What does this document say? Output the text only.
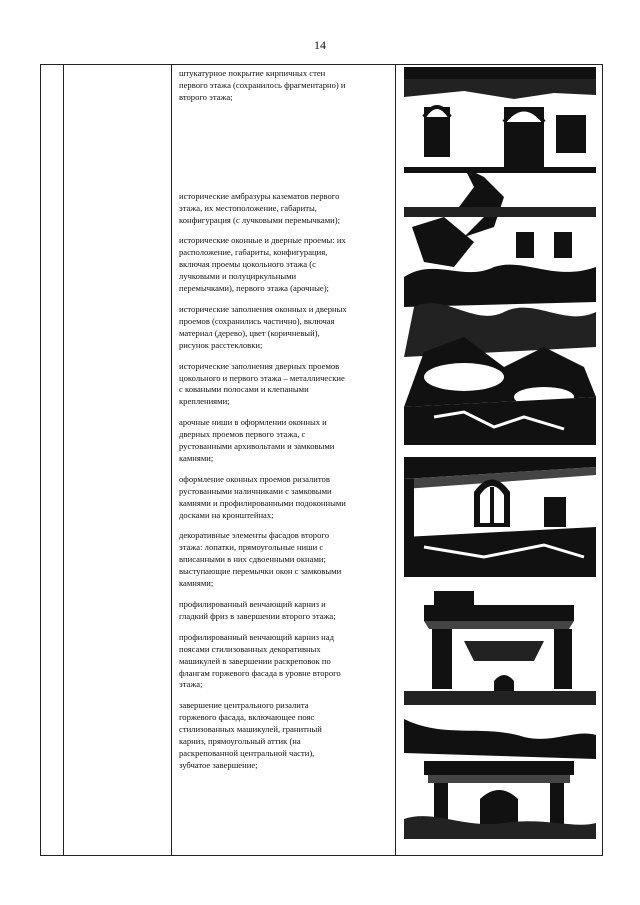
14

штукатурное покрытие кирпичных стен
первого этажа (сохранилось фрагментарно) и
второго этажа;

исторические амбразуры казематов первого
этажа, их местоположение, габариты,
конфигурация (с лучковыми перемычками);

исторические оконные и дверные проемы: их
расположение, габариты, конфигурация,
включая проемы цокольного этажа (с
лучковыми и полуциркульными
перемычками), первого этажа (арочные);

исторические заполнения оконных и дверных
проемов (сохранились частично), включая
материал (дерево), цвет (коричневый),
рисунок расстекловки;

исторические заполнения дверных проемов
цокольного и первого этажа – металлические
с коваными полосами и клепаными
креплениями;

арочные ниши в оформлении оконных и
дверных проемов первого этажа, с
рустованными архивольтами и замковыми
камнями;

оформление оконных проемов ризалитов
рустованными наличниками с замковыми
камнями и профилированными подоконными
досками на кронштейнах;

декоративные элементы фасадов второго
этажа: лопатки, прямоугольные ниши с
вписанными в них сдвоенными окнами;
выступающие перемычки окон с замковыми
камнями;

профилированный венчающий карниз и
гладкий фриз в завершении второго этажа;

профилированный венчающий карниз над
поясами стилизованных декоративных
машикулей в завершении раскреповок по
флангам горжевого фасада в уровне второго
этажа;

завершение центрального ризалита
горжевого фасада, включающее пояс
стилизованных машикулей, гранитный
карниз, прямоугольный аттик (на
раскрепованной центральной части),
зубчатое завершение;
